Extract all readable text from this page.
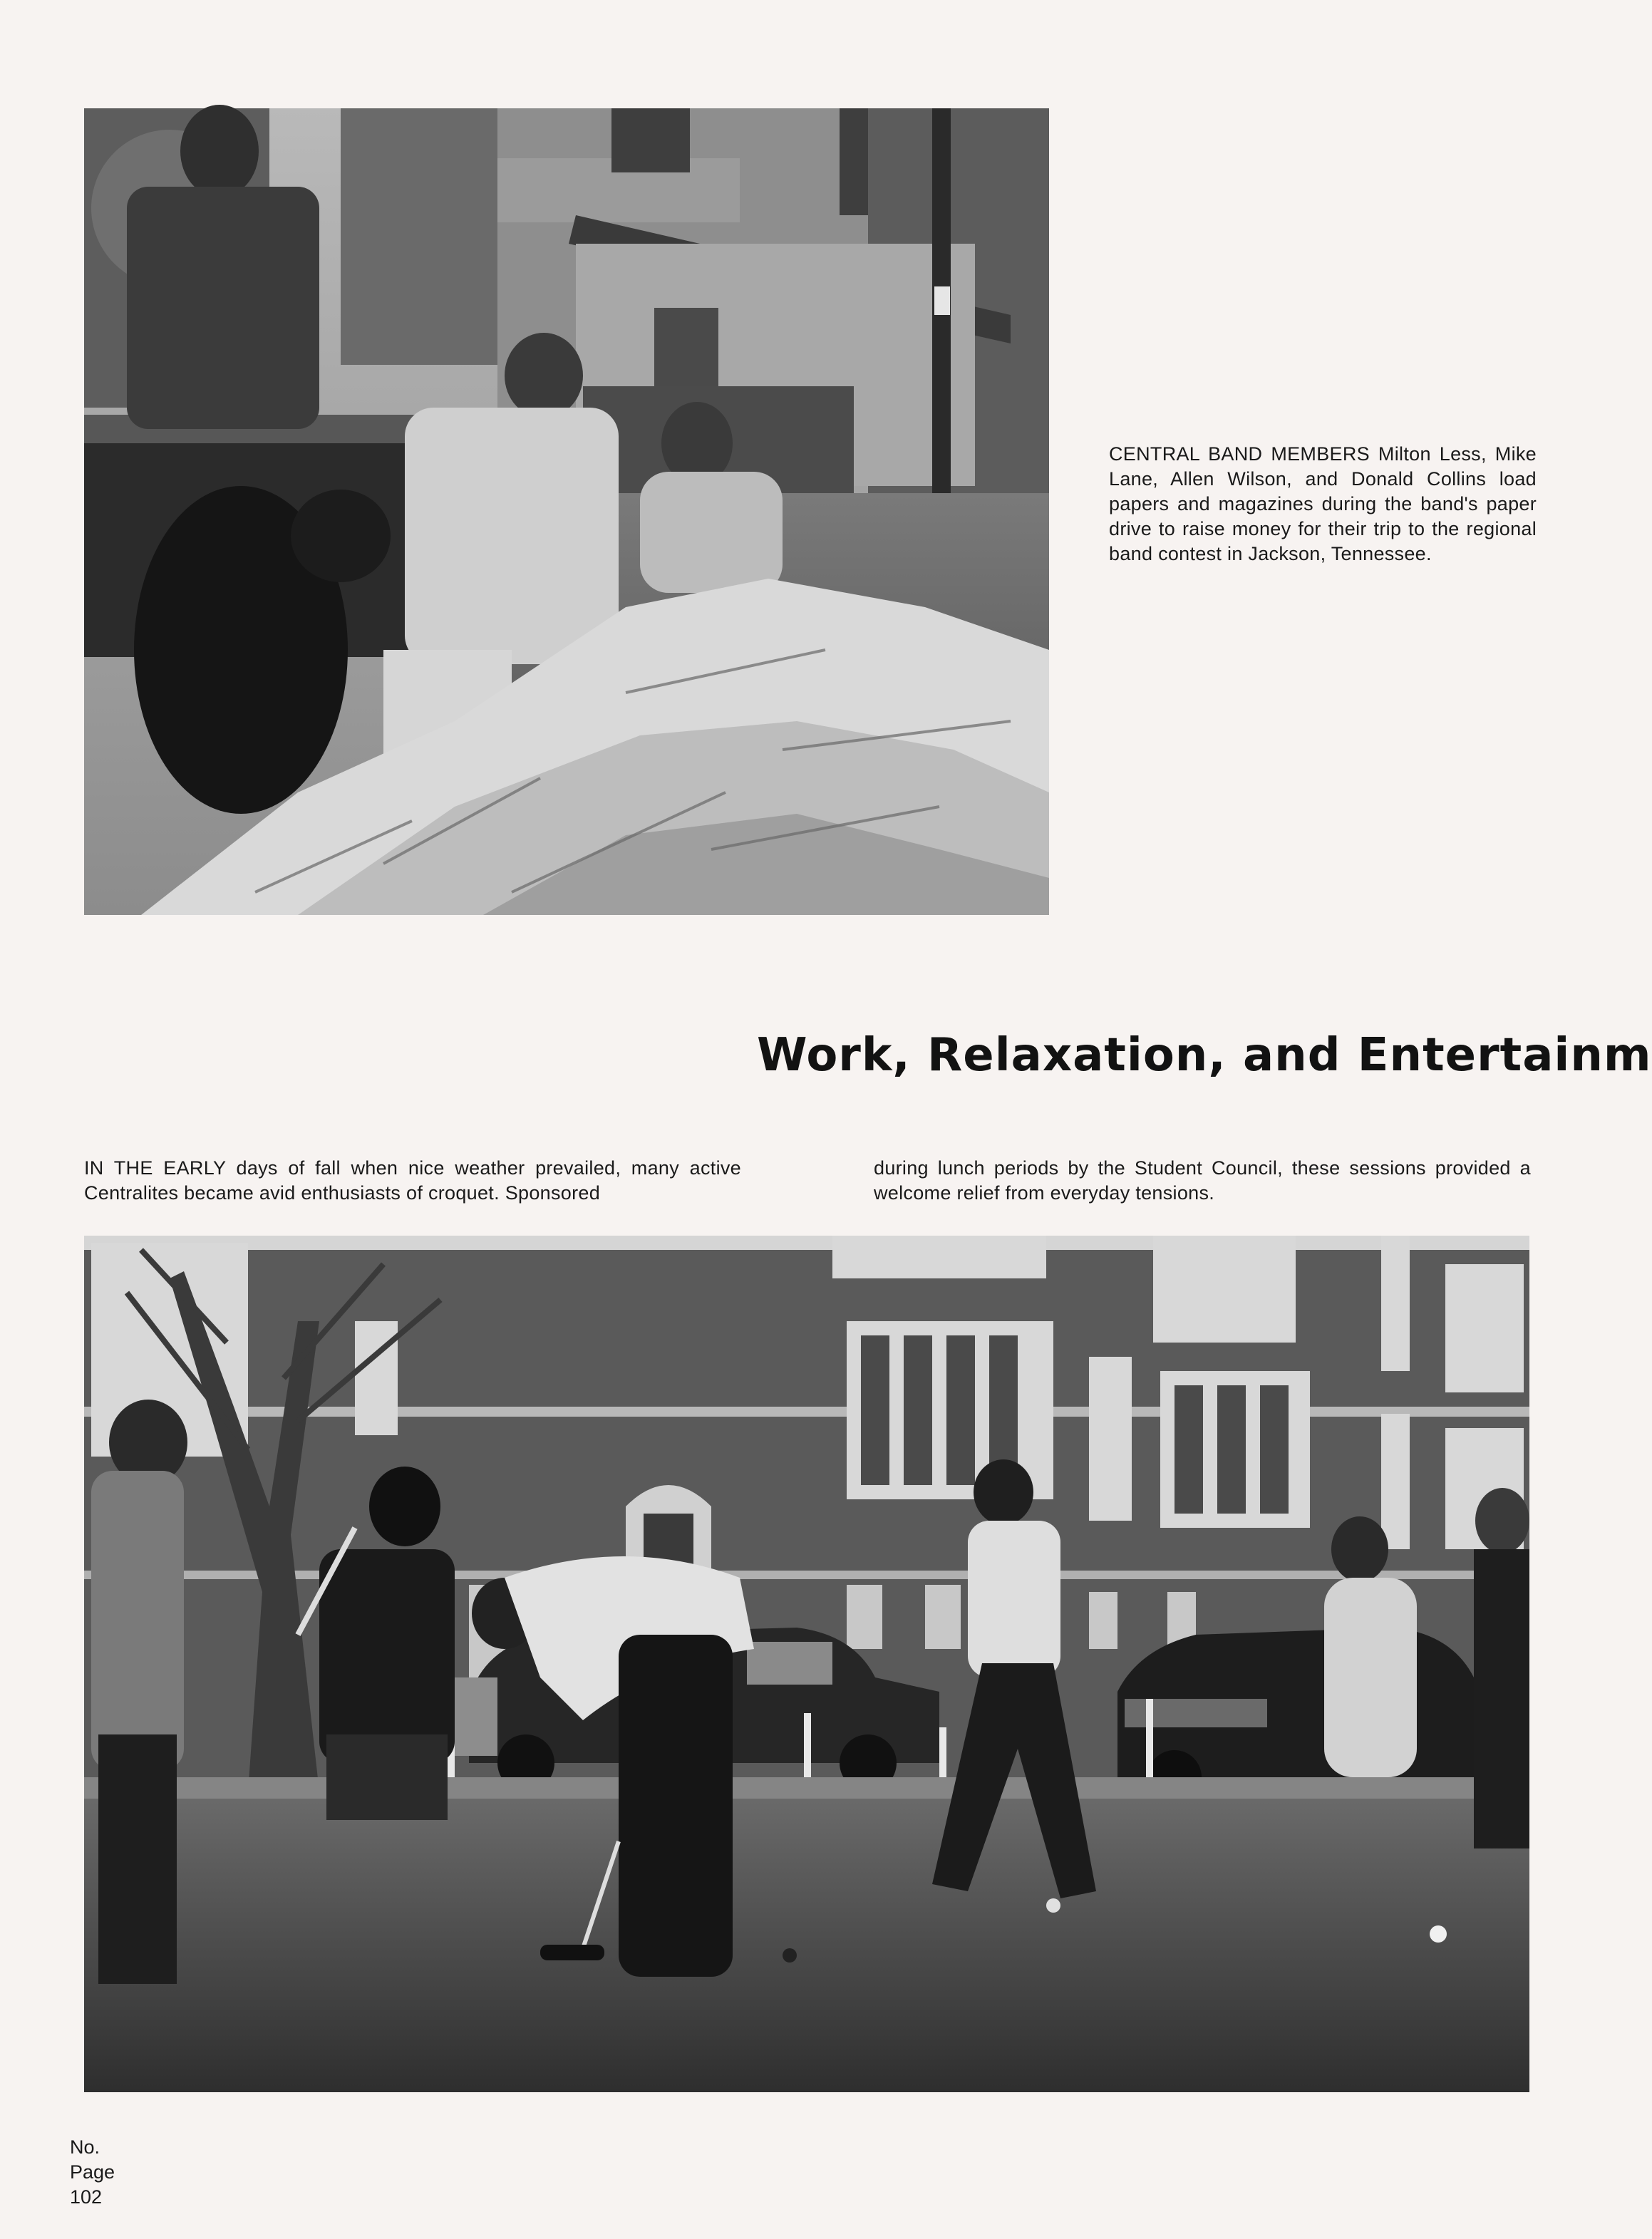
CENTRAL BAND MEMBERS Milton Less, Mike Lane, Allen Wilson, and Donald Collins load papers and magazines during the band's paper drive to raise money for their trip to the regional band contest in Jackson, Tennessee.
Work, Relaxation, and Entertainm
IN THE EARLY days of fall when nice weather prevailed, many active Centralites became avid enthusiasts of croquet. Sponsored
during lunch periods by the Student Council, these sessions provided a welcome relief from everyday tensions.
No.
Page
102
